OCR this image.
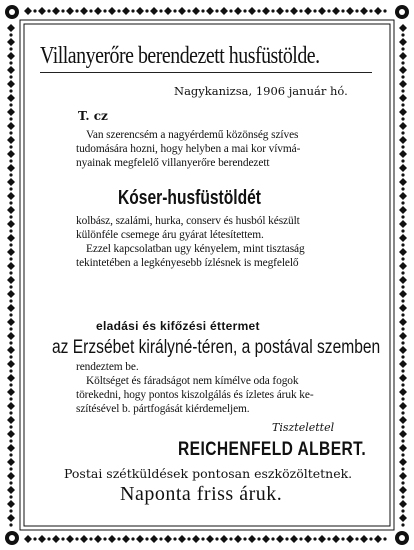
Villanyerőre berendezett husfüstölde.
Nagykanizsa, 1906 január hó.
T. cz
Van szerencsém a nagyérdemű közönség szíves
tudomására hozni, hogy helyben a mai kor vívmá-
nyainak megfelelő villanyerőre berendezett
Kóser-husfüstöldét
kolbász, szalámi, hurka, conserv és husból készült
különféle csemege áru gyárat létesítettem.
Ezzel kapcsolatban ugy kényelem, mint tisztaság
tekintetében a legkényesebb ízlésnek is megfelelő
eladási és kifőzési éttermet
az Erzsébet királyné-téren, a postával szemben
rendeztem be.
Költséget és fáradságot nem kímélve oda fogok
törekedni, hogy pontos kiszolgálás és ízletes áruk ke-
szítésével b. pártfogását kiérdemeljem.
Tisztelettel
REICHENFELD ALBERT.
Postai szétküldések pontosan eszközöltetnek.
Naponta friss áruk.
